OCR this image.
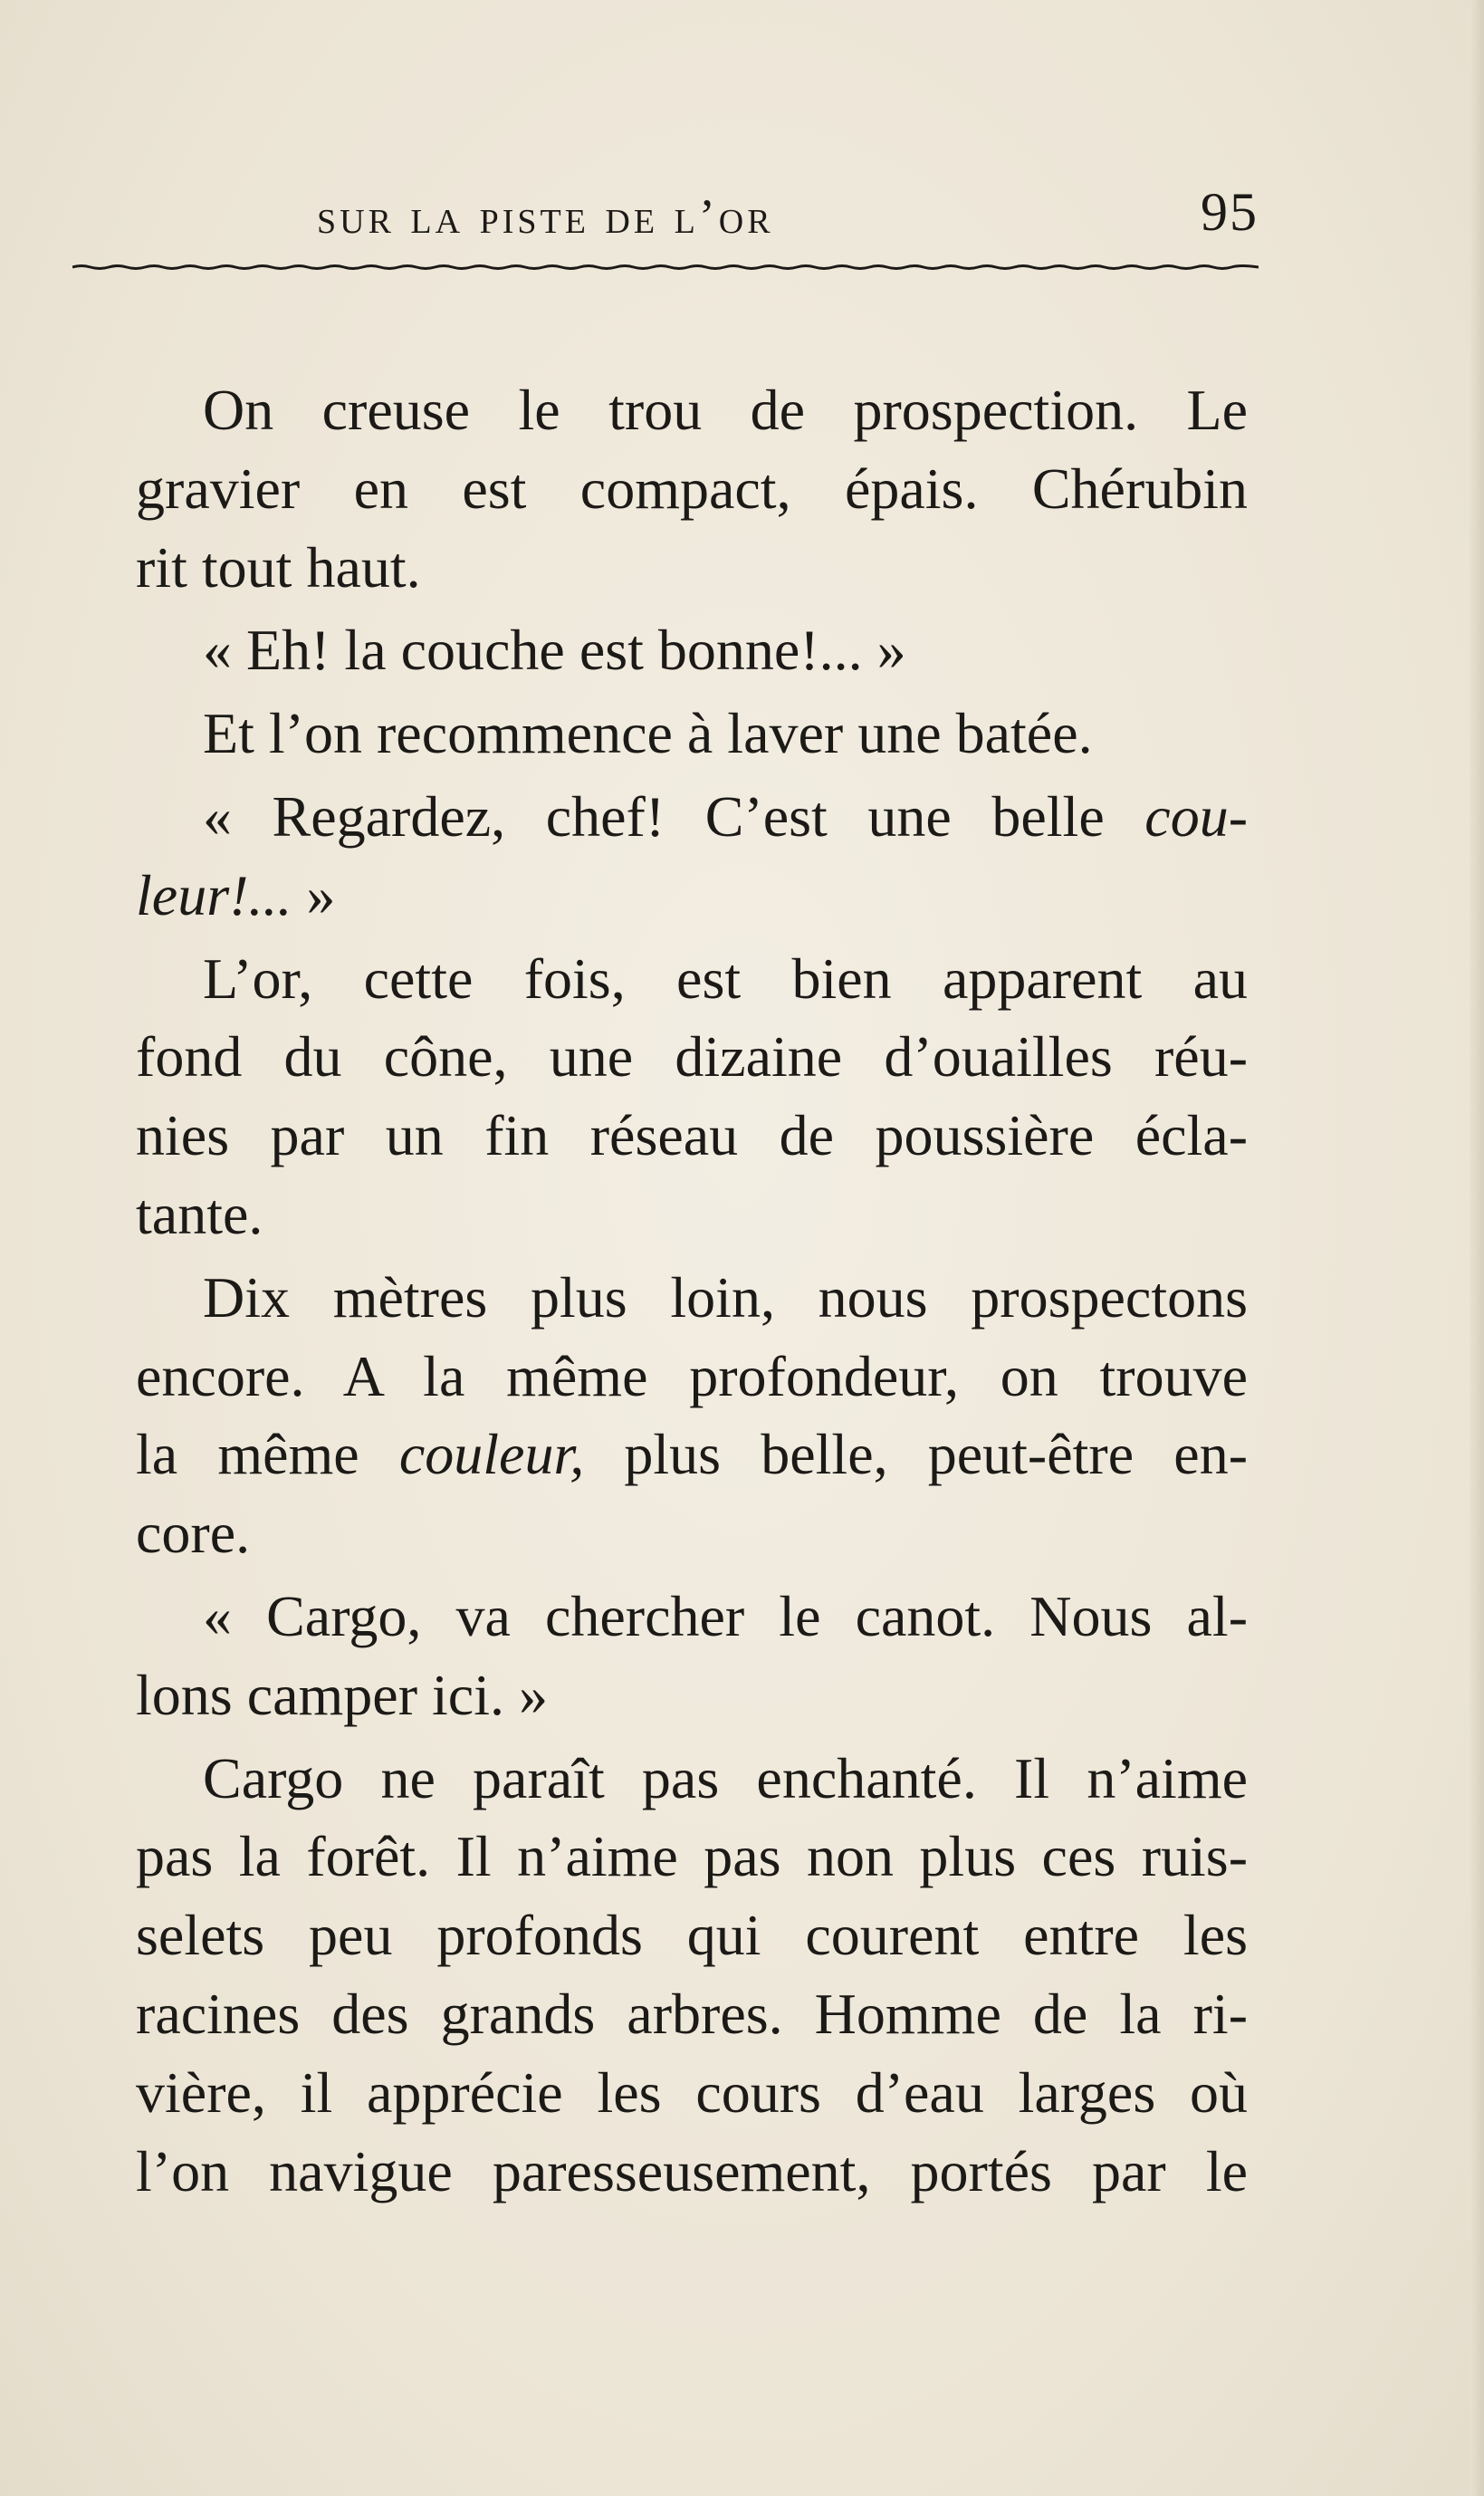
sur la piste de l’or	95
On creuse le trou de prospection. Le
gravier en est compact, épais. Chérubin
rit tout haut.
« Eh! la couche est bonne!... »
Et l’on recommence à laver une batée.
« Regardez, chef! C’est une belle cou-
leur!... »
L’or, cette fois, est bien apparent au
fond du cône, une dizaine d’ouailles réu-
nies par un fin réseau de poussière écla-
tante.
Dix mètres plus loin, nous prospectons
encore. A la même profondeur, on trouve
la même couleur, plus belle, peut-être en-
core.
« Cargo, va chercher le canot. Nous al-
lons camper ici. »
Cargo ne paraît pas enchanté. Il n’aime
pas la forêt. Il n’aime pas non plus ces ruis-
selets peu profonds qui courent entre les
racines des grands arbres. Homme de la ri-
vière, il apprécie les cours d’eau larges où
l’on navigue paresseusement, portés par le
